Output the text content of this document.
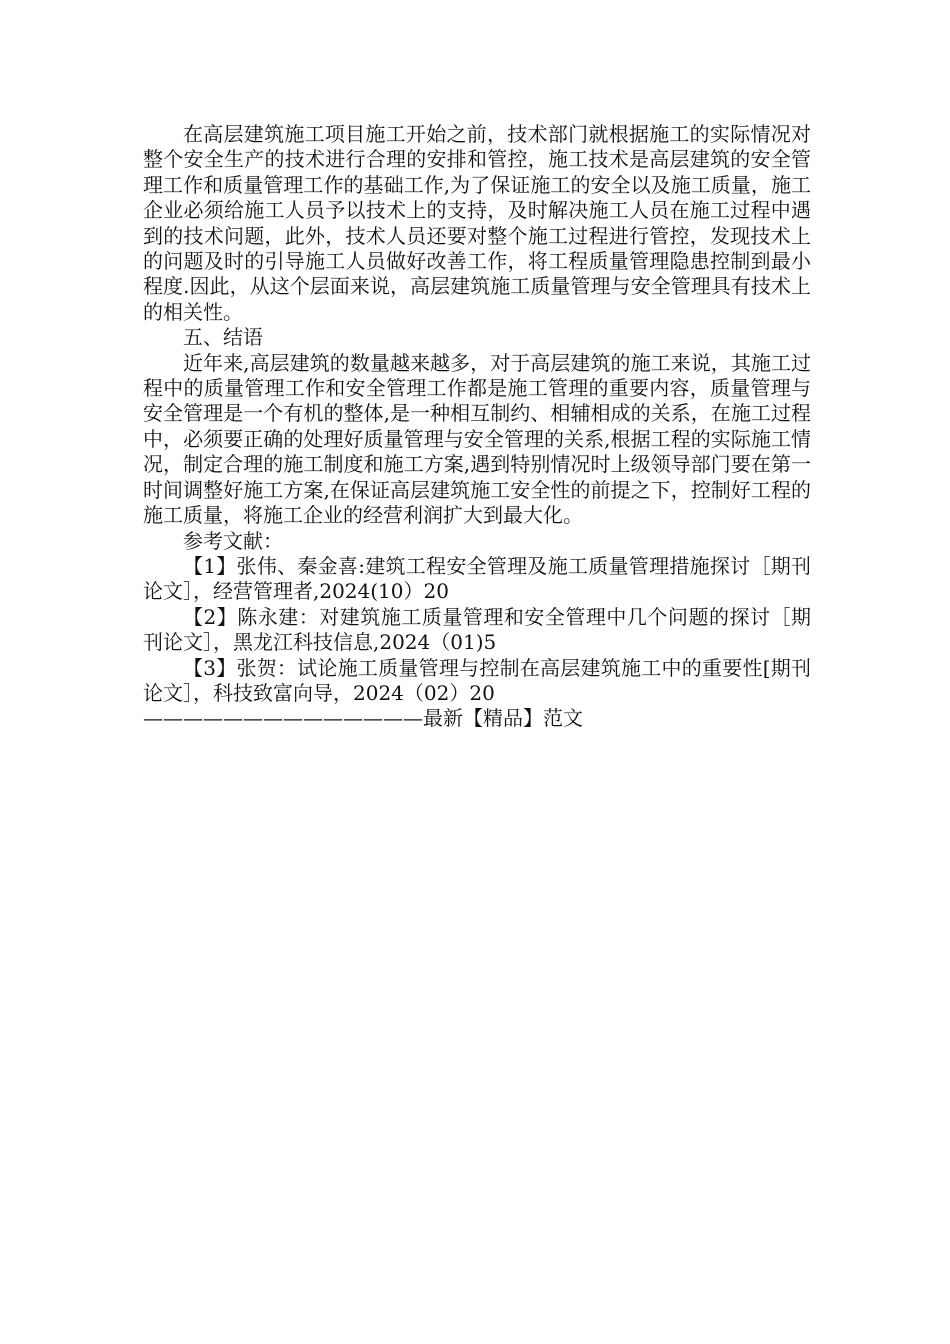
在高层建筑施工项目施工开始之前，技术部门就根据施工的实际情况对整个安全生产的技术进行合理的安排和管控，施工技术是高层建筑的安全管理工作和质量管理工作的基础工作,为了保证施工的安全以及施工质量，施工企业必须给施工人员予以技术上的支持，及时解决施工人员在施工过程中遇到的技术问题，此外，技术人员还要对整个施工过程进行管控，发现技术上的问题及时的引导施工人员做好改善工作，将工程质量管理隐患控制到最小程度.因此，从这个层面来说，高层建筑施工质量管理与安全管理具有技术上的相关性。

五、结语

近年来,高层建筑的数量越来越多，对于高层建筑的施工来说，其施工过程中的质量管理工作和安全管理工作都是施工管理的重要内容，质量管理与安全管理是一个有机的整体,是一种相互制约、相辅相成的关系，在施工过程中，必须要正确的处理好质量管理与安全管理的关系,根据工程的实际施工情况，制定合理的施工制度和施工方案,遇到特别情况时上级领导部门要在第一时间调整好施工方案,在保证高层建筑施工安全性的前提之下，控制好工程的施工质量，将施工企业的经营利润扩大到最大化。

参考文献：

【1】张伟、秦金喜:建筑工程安全管理及施工质量管理措施探讨［期刊论文］，经营管理者,2024(10）20

【2】陈永建：对建筑施工质量管理和安全管理中几个问题的探讨［期刊论文］，黑龙江科技信息,2024（01)5

【3】张贺：试论施工质量管理与控制在高层建筑施工中的重要性[期刊论文］，科技致富向导，2024（02）20

——————————————最新【精品】范文
